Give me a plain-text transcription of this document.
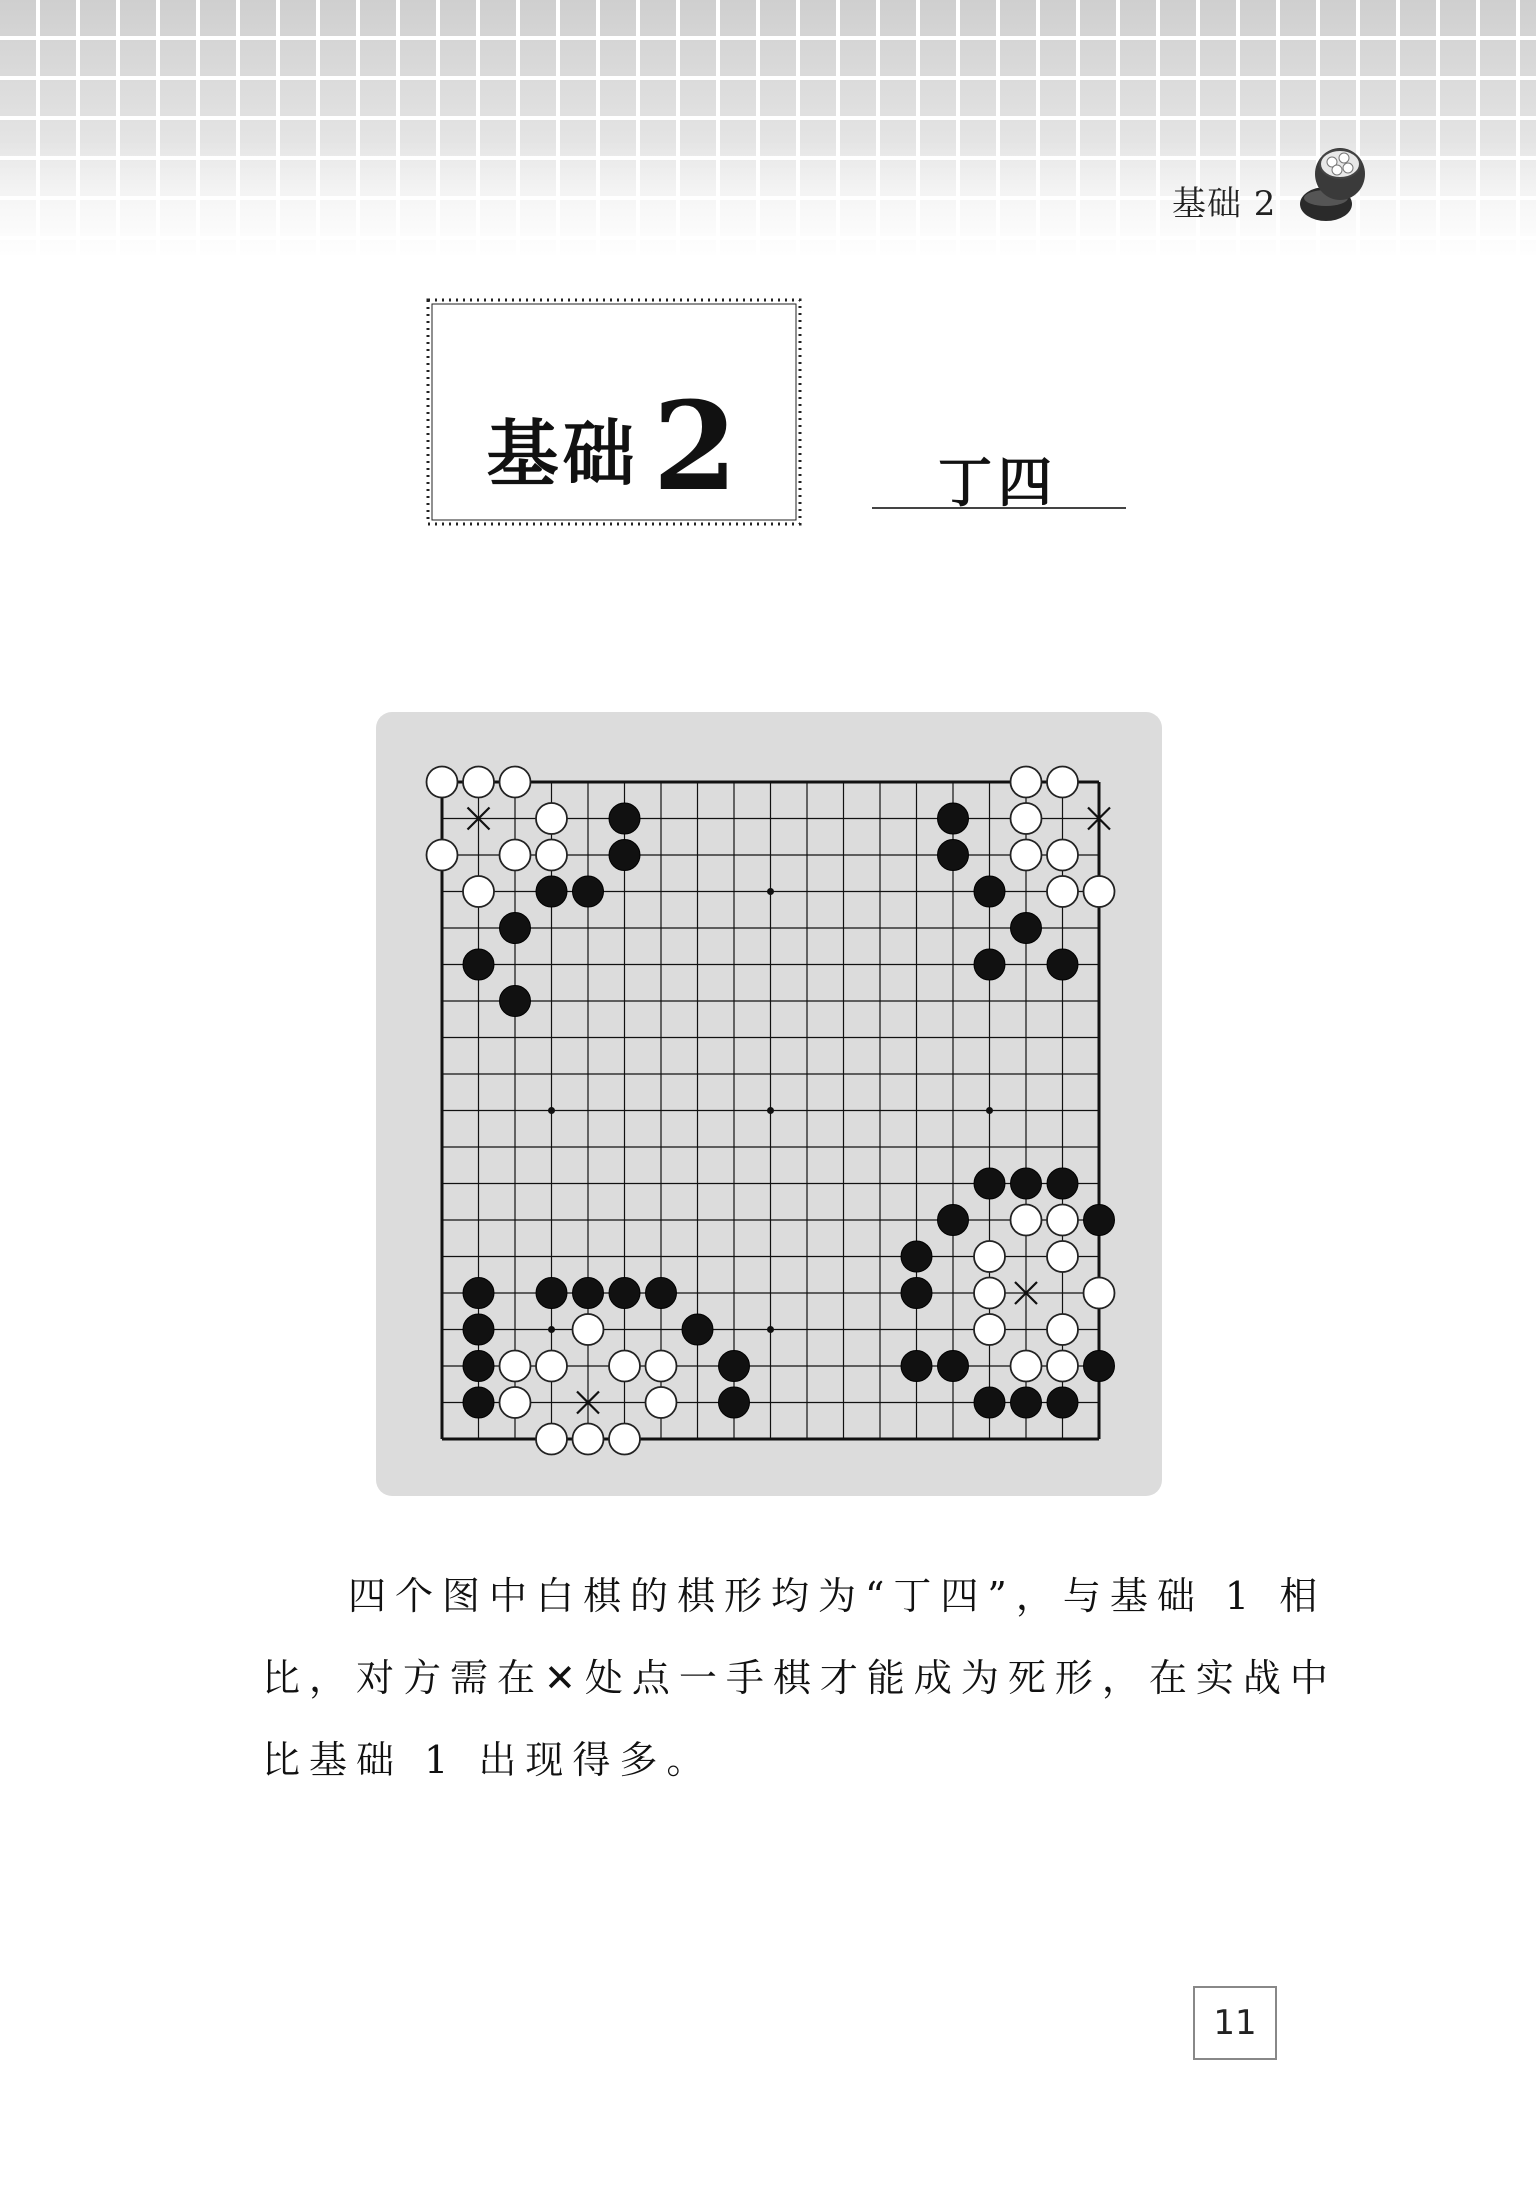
基础 2
基础 2	丁四
四个图中白棋的棋形均为“丁四”，与基础 1 相
比，对方需在✕处点一手棋才能成为死形，在实战中
比基础 1 出现得多。
11
